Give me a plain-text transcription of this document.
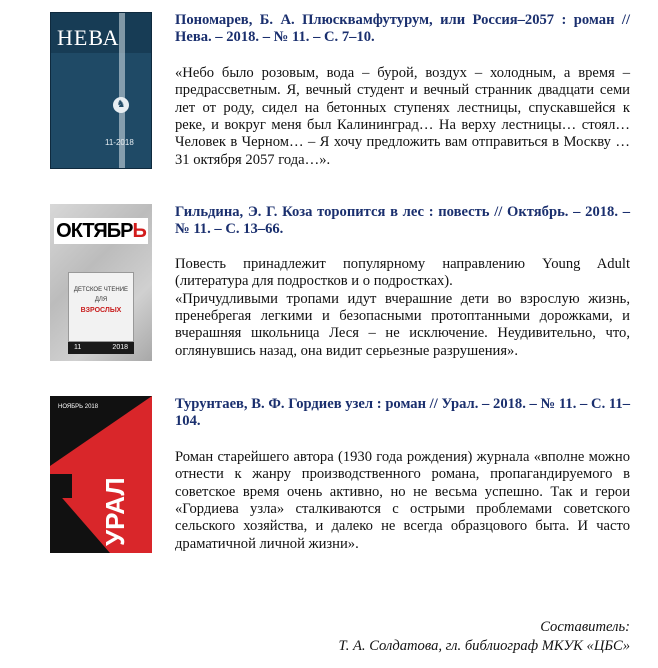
НЕВА
♞
11-2018

Пономарев, Б. А. Плюсквамфутурум, или Россия–2057 : роман // Нева. – 2018. – № 11. – С. 7–10.

«Небо было розовым, вода – бурой, воздух – холодным, а время – предрассветным. Я, вечный студент и вечный странник двадцати семи лет от роду, сидел на бетонных ступенях лестницы, спускавшейся к реке, и вокруг меня был Калининград… На верху лестницы… стоял… Человек в Черном… – Я хочу предложить вам отправиться в Москву … 31 октября 2057 года…».

ОКТЯБРЬ
ДЕТСКОЕ ЧТЕНИЕ
ДЛЯ
ВЗРОСЛЫХ
11	2018

Гильдина, Э. Г. Коза торопится в лес : повесть // Октябрь. – 2018. – № 11. – С. 13–66.

Повесть принадлежит популярному направлению Young Adult (литература для подростков и о подростках).

«Причудливыми тропами идут вчерашние дети во взрослую жизнь, пренебрегая легкими и безопасными протоптанными дорожками, и вчерашняя школьница Леся – не исключение. Неудивительно, что, оглянувшись назад, она видит серьезные разрушения».

НОЯБРЬ 2018
УРАЛ

Турунтаев, В. Ф. Гордиев узел : роман // Урал. – 2018. – № 11. – С. 11–104.

Роман старейшего автора (1930 года рождения) журнала «вполне можно отнести к жанру производственного романа, пропагандируемого в советское время очень активно, но не весьма успешно. Так и герои «Гордиева узла» сталкиваются с острыми проблемами советского сельского хозяйства, и далеко не всегда образцового быта. И часто драматичной личной жизни».

Составитель:
Т. А. Солдатова, гл. библиограф МКУК «ЦБС»
